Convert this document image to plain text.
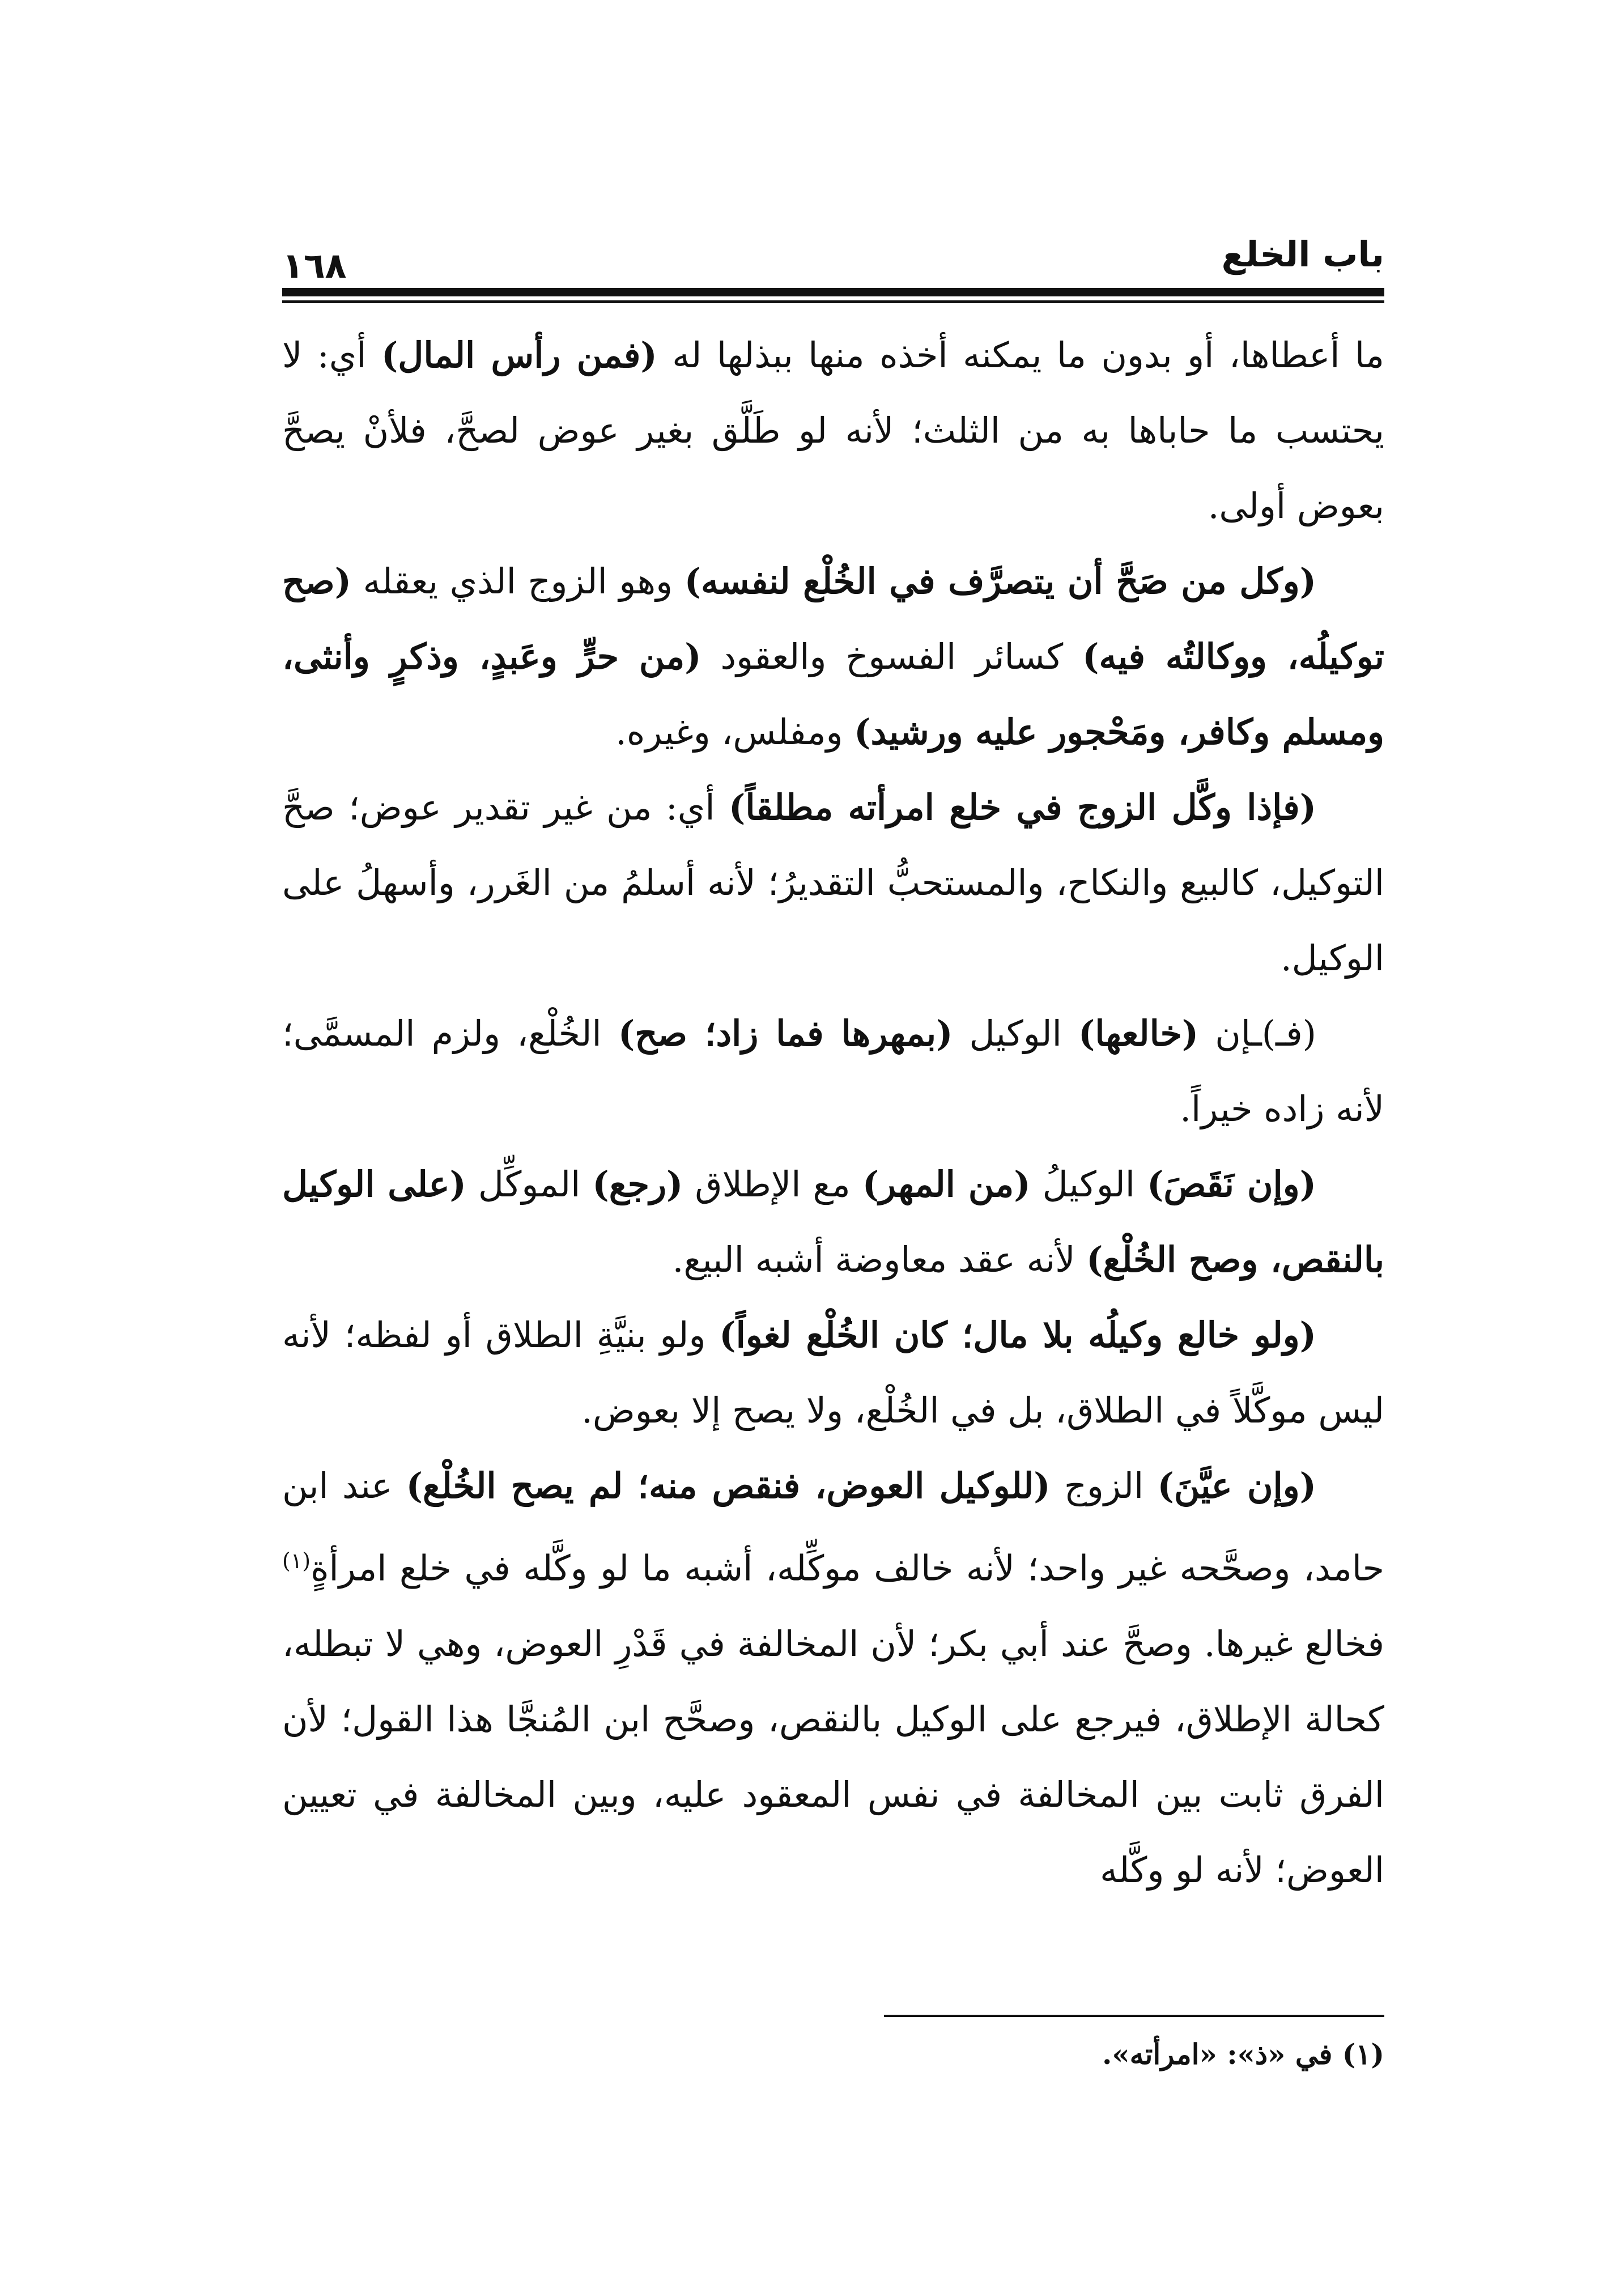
باب الخلع
١٦٨

ما أعطاها، أو بدون ما يمكنه أخذه منها ببذلها له (فمن رأس المال) أي: لا يحتسب ما حاباها به من الثلث؛ لأنه لو طَلَّق بغير عوض لصحَّ، فلأنْ يصحَّ بعوض أولى.

(وكل من صَحَّ أن يتصرَّف في الخُلْع لنفسه) وهو الزوج الذي يعقله (صح توكيلُه، ووكالتُه فيه) كسائر الفسوخ والعقود (من حرٍّ وعَبدٍ، وذكرٍ وأنثى، ومسلم وكافر، ومَحْجور عليه ورشيد) ومفلس، وغيره.

(فإذا وكَّل الزوج في خلع امرأته مطلقاً) أي: من غير تقدير عوض؛ صحَّ التوكيل، كالبيع والنكاح، والمستحبُّ التقديرُ؛ لأنه أسلمُ من الغَرر، وأسهلُ على الوكيل.

(فـ)ـإن (خالعها) الوكيل (بمهرها فما زاد؛ صح) الخُلْع، ولزم المسمَّى؛ لأنه زاده خيراً.

(وإن نَقَصَ) الوكيلُ (من المهر) مع الإطلاق (رجع) الموكِّل (على الوكيل بالنقص، وصح الخُلْع) لأنه عقد معاوضة أشبه البيع.

(ولو خالع وكيلُه بلا مال؛ كان الخُلْع لغواً) ولو بنيَّةِ الطلاق أو لفظه؛ لأنه ليس موكَّلاً في الطلاق، بل في الخُلْع، ولا يصح إلا بعوض.

(وإن عيَّنَ) الزوج (للوكيل العوض، فنقص منه؛ لم يصح الخُلْع) عند ابن حامد، وصحَّحه غير واحد؛ لأنه خالف موكِّله، أشبه ما لو وكَّله في خلع امرأةٍ$^{(١)}$ فخالع غيرها. وصحَّ عند أبي بكر؛ لأن المخالفة في قَدْرِ العوض، وهي لا تبطله، كحالة الإطلاق، فيرجع على الوكيل بالنقص، وصحَّح ابن المُنجَّا هذا القول؛ لأن الفرق ثابت بين المخالفة في نفس المعقود عليه، وبين المخالفة في تعيين العوض؛ لأنه لو وكَّله

(١) في «ذ»: «امرأته».
